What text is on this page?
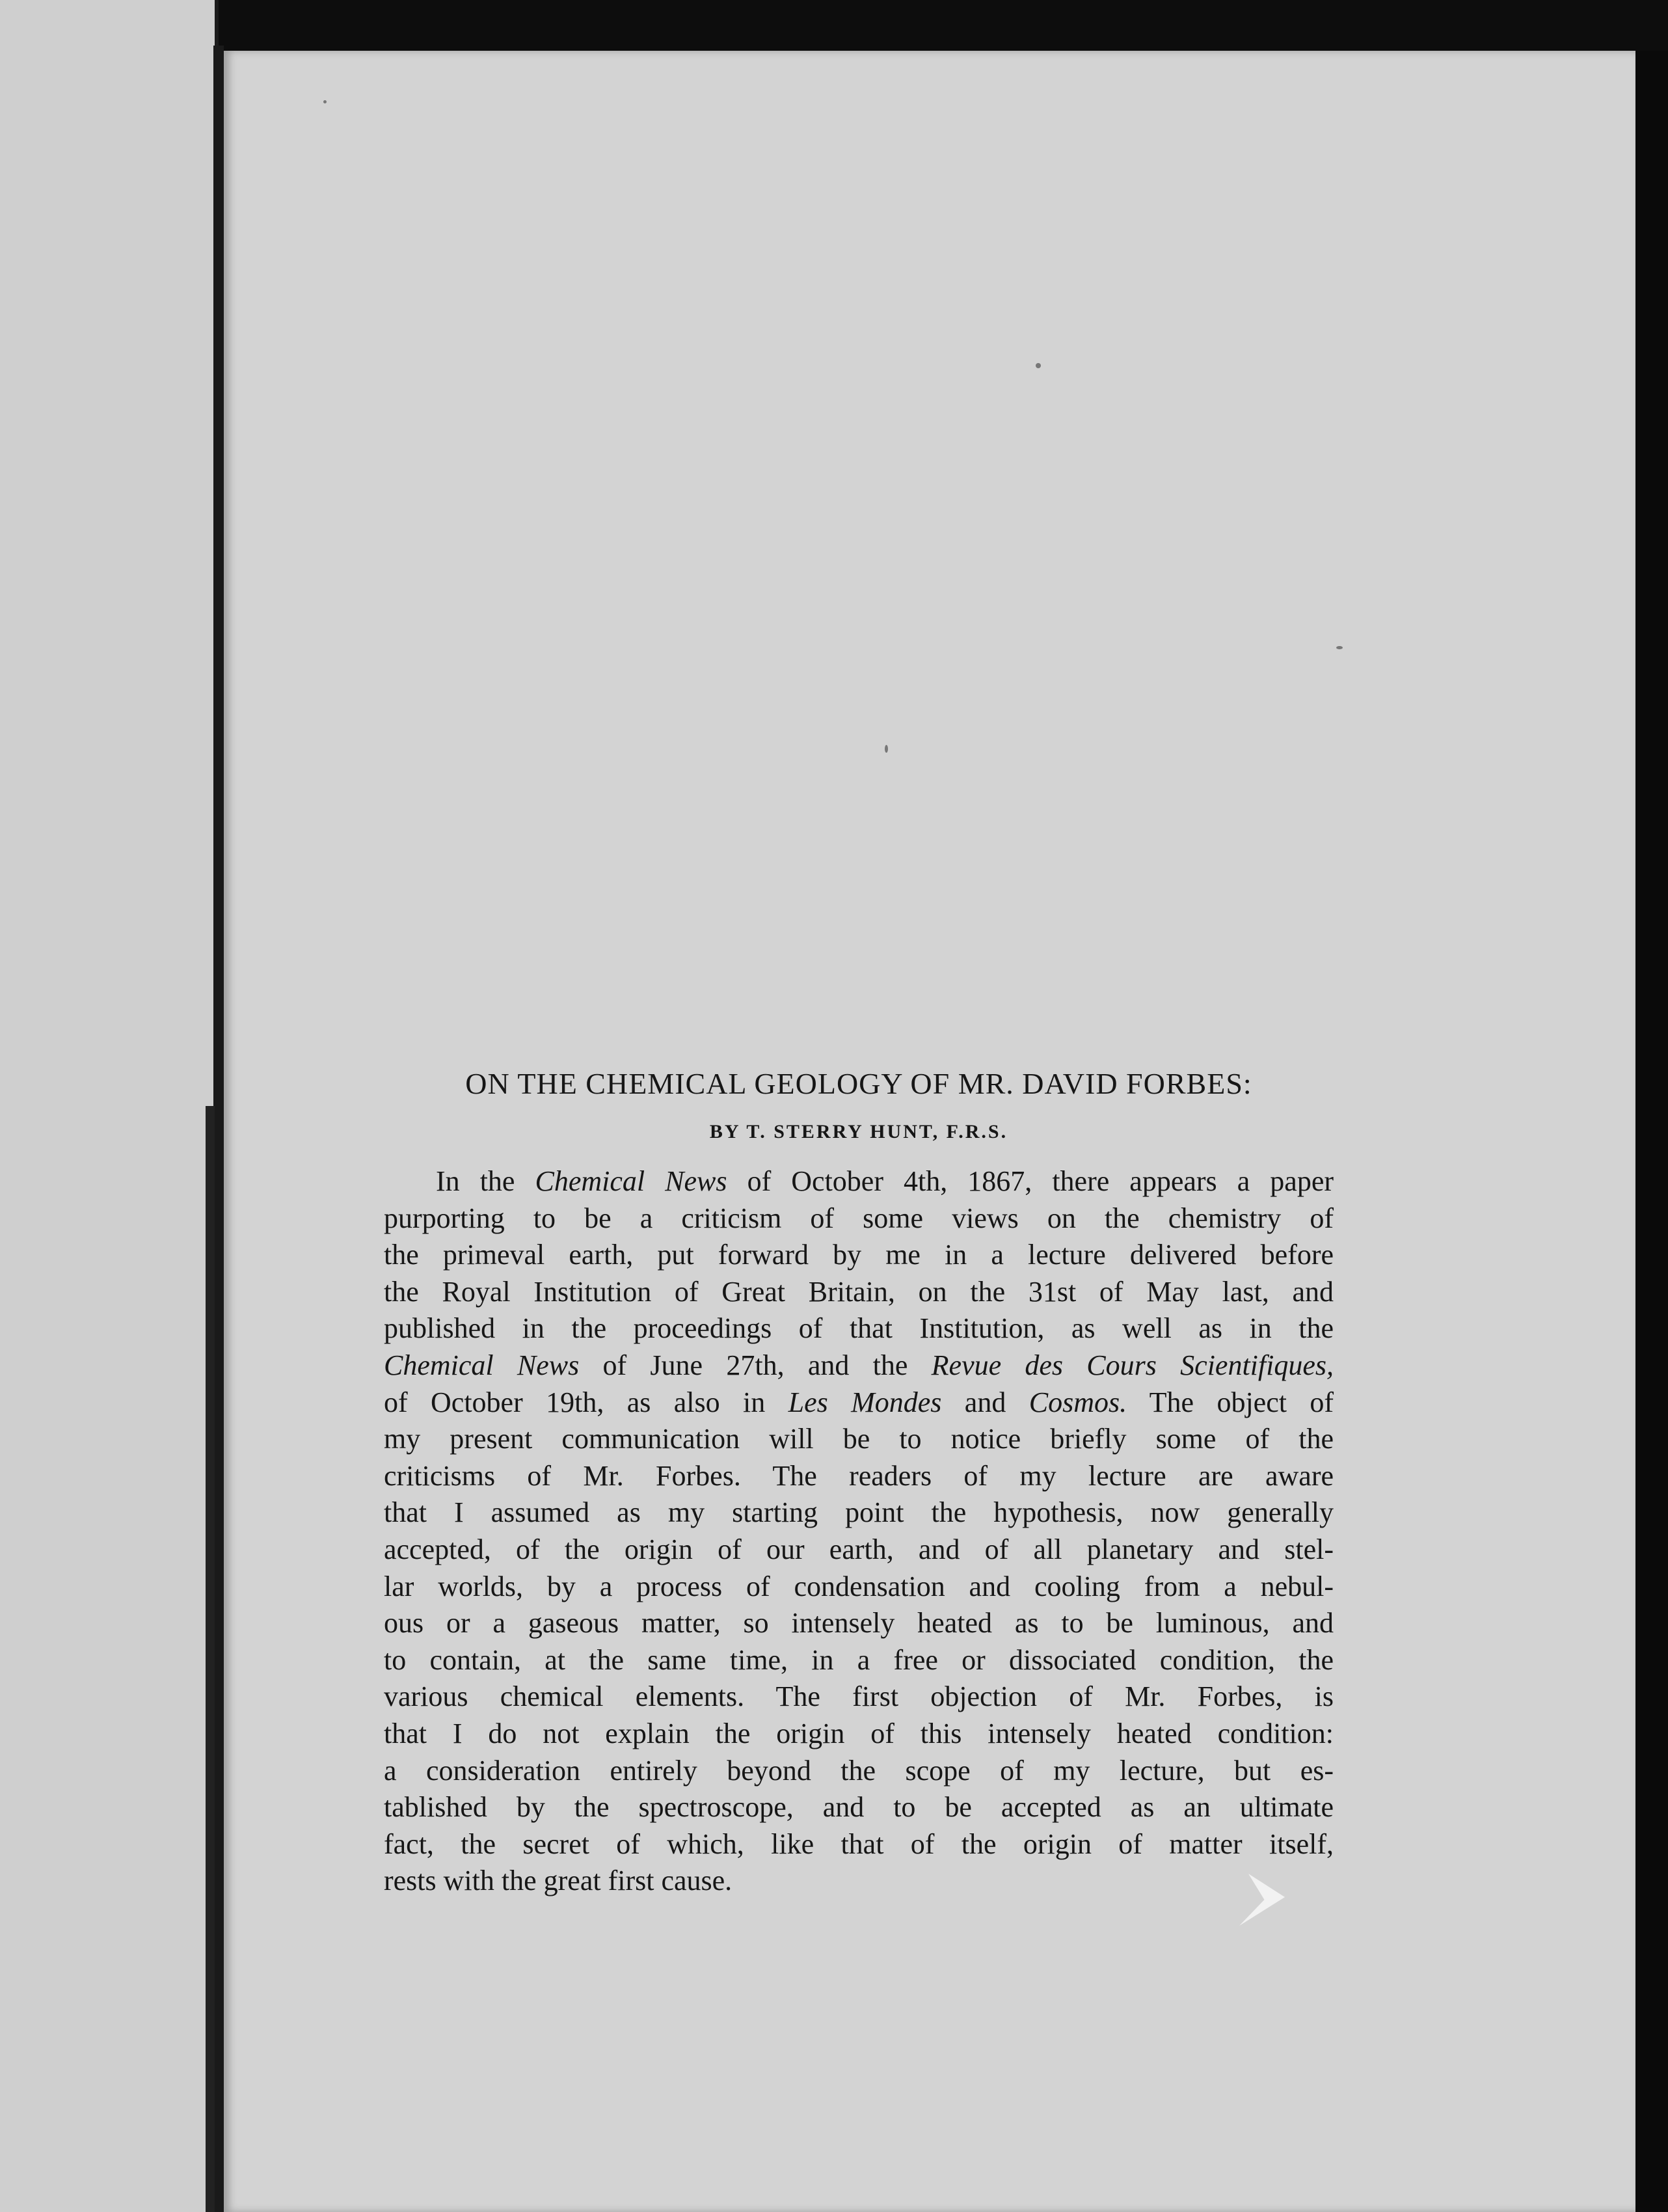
ON THE CHEMICAL GEOLOGY OF MR. DAVID FORBES:
BY T. STERRY HUNT, F.R.S.
In the Chemical News of October 4th, 1867, there appears a paper
purporting to be a criticism of some views on the chemistry of
the primeval earth, put forward by me in a lecture delivered before
the Royal Institution of Great Britain, on the 31st of May last, and
published in the proceedings of that Institution, as well as in the
Chemical News of June 27th, and the Revue des Cours Scientifiques,
of October 19th, as also in Les Mondes and Cosmos. The object of
my present communication will be to notice briefly some of the
criticisms of Mr. Forbes. The readers of my lecture are aware
that I assumed as my starting point the hypothesis, now generally
accepted, of the origin of our earth, and of all planetary and stel-
lar worlds, by a process of condensation and cooling from a nebul-
ous or a gaseous matter, so intensely heated as to be luminous, and
to contain, at the same time, in a free or dissociated condition, the
various chemical elements. The first objection of Mr. Forbes, is
that I do not explain the origin of this intensely heated condition:
a consideration entirely beyond the scope of my lecture, but es-
tablished by the spectroscope, and to be accepted as an ultimate
fact, the secret of which, like that of the origin of matter itself,
rests with the great first cause.
